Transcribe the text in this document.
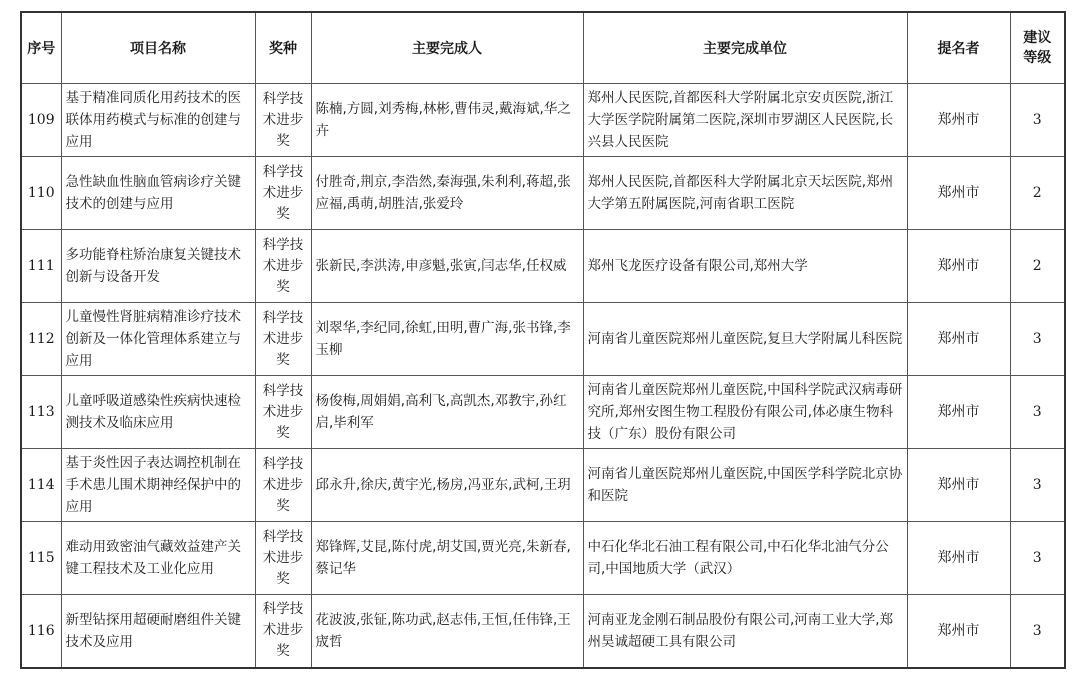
序号	项目名称	奖种	主要完成人	主要完成单位	提名者	建议
等级
109	基于精准同质化用药技术的医联体用药模式与标准的创建与应用	科学技术进步奖	陈楠,方圆,刘秀梅,林彬,曹伟灵,戴海斌,华之卉	郑州人民医院,首都医科大学附属北京安贞医院,浙江大学医学院附属第二医院,深圳市罗湖区人民医院,长兴县人民医院	郑州市	3
110	急性缺血性脑血管病诊疗关键技术的创建与应用	科学技术进步奖	付胜奇,荆京,李浩然,秦海强,朱利利,蒋超,张应福,禹萌,胡胜洁,张爱玲	郑州人民医院,首都医科大学附属北京天坛医院,郑州大学第五附属医院,河南省职工医院	郑州市	2
111	多功能脊柱矫治康复关键技术创新与设备开发	科学技术进步奖	张新民,李洪涛,申彦魁,张寅,闫志华,任权威	郑州飞龙医疗设备有限公司,郑州大学	郑州市	2
112	儿童慢性肾脏病精准诊疗技术创新及一体化管理体系建立与应用	科学技术进步奖	刘翠华,李纪同,徐虹,田明,曹广海,张书锋,李玉柳	河南省儿童医院郑州儿童医院,复旦大学附属儿科医院	郑州市	3
113	儿童呼吸道感染性疾病快速检测技术及临床应用	科学技术进步奖	杨俊梅,周娟娟,高利飞,高凯杰,邓教宇,孙红启,毕利军	河南省儿童医院郑州儿童医院,中国科学院武汉病毒研究所,郑州安图生物工程股份有限公司,体必康生物科技（广东）股份有限公司	郑州市	3
114	基于炎性因子表达调控机制在手术患儿围术期神经保护中的应用	科学技术进步奖	邱永升,徐庆,黄宇光,杨房,冯亚东,武柯,王玥	河南省儿童医院郑州儿童医院,中国医学科学院北京协和医院	郑州市	3
115	难动用致密油气藏效益建产关键工程技术及工业化应用	科学技术进步奖	郑锋辉,艾昆,陈付虎,胡艾国,贾光亮,朱新春,蔡记华	中石化华北石油工程有限公司,中石化华北油气分公司,中国地质大学（武汉）	郑州市	3
116	新型钻探用超硬耐磨组件关键技术及应用	科学技术进步奖	花波波,张钲,陈功武,赵志伟,王恒,任伟锋,王宬哲	河南亚龙金刚石制品股份有限公司,河南工业大学,郑州昊诚超硬工具有限公司	郑州市	3
